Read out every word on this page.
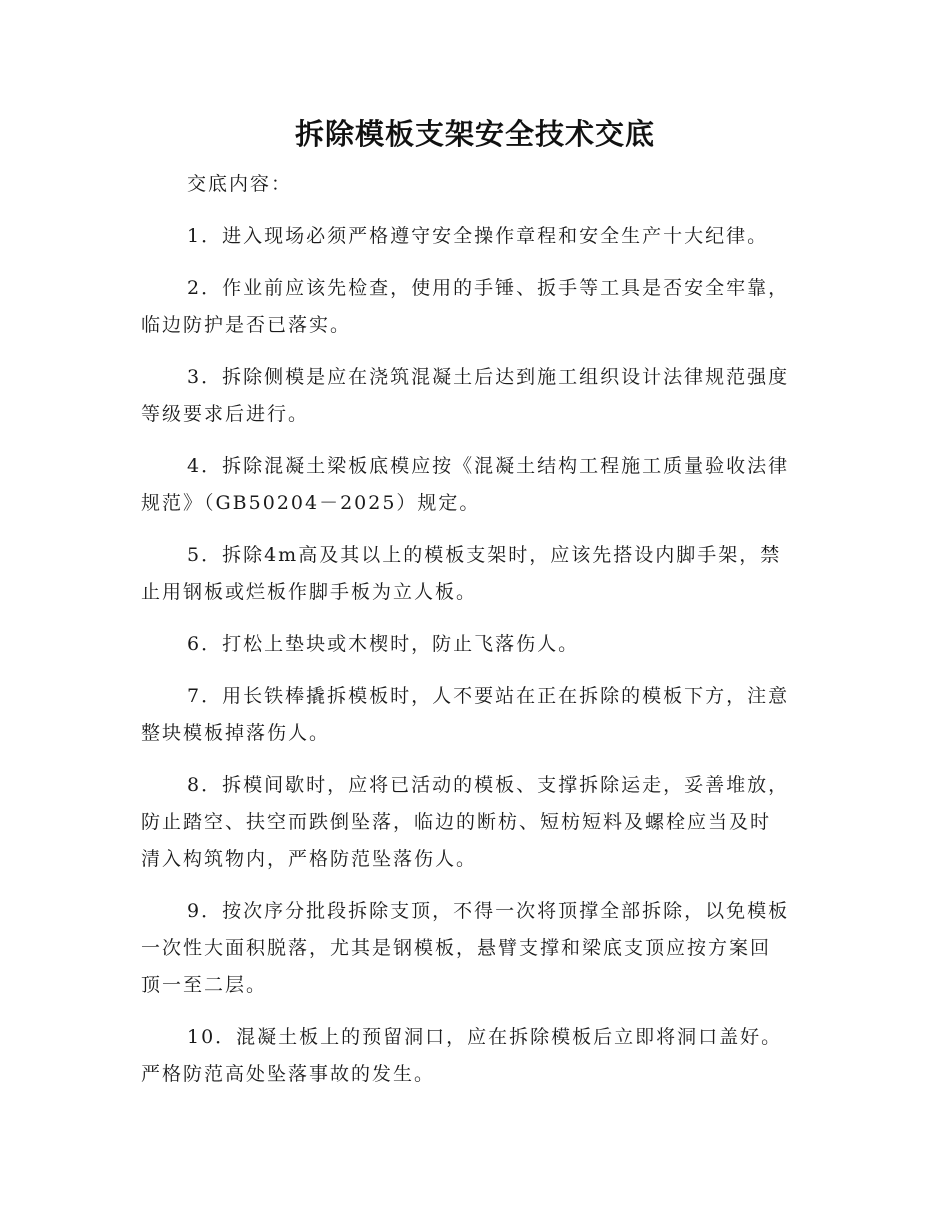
拆除模板支架安全技术交底
交底内容：
1．进入现场必须严格遵守安全操作章程和安全生产十大纪律。
2．作业前应该先检查，使用的手锤、扳手等工具是否安全牢靠，
临边防护是否已落实。
3．拆除侧模是应在浇筑混凝土后达到施工组织设计法律规范强度
等级要求后进行。
4．拆除混凝土梁板底模应按《混凝土结构工程施工质量验收法律
规范》（GB50204－2025）规定。
5．拆除4m高及其以上的模板支架时，应该先搭设内脚手架，禁
止用钢板或烂板作脚手板为立人板。
6．打松上垫块或木楔时，防止飞落伤人。
7．用长铁棒撬拆模板时，人不要站在正在拆除的模板下方，注意
整块模板掉落伤人。
8．拆模间歇时，应将已活动的模板、支撑拆除运走，妥善堆放，
防止踏空、扶空而跌倒坠落，临边的断枋、短枋短料及螺栓应当及时
清入构筑物内，严格防范坠落伤人。
9．按次序分批段拆除支顶，不得一次将顶撑全部拆除，以免模板
一次性大面积脱落，尤其是钢模板，悬臂支撑和梁底支顶应按方案回
顶一至二层。
10．混凝土板上的预留洞口，应在拆除模板后立即将洞口盖好。
严格防范高处坠落事故的发生。
